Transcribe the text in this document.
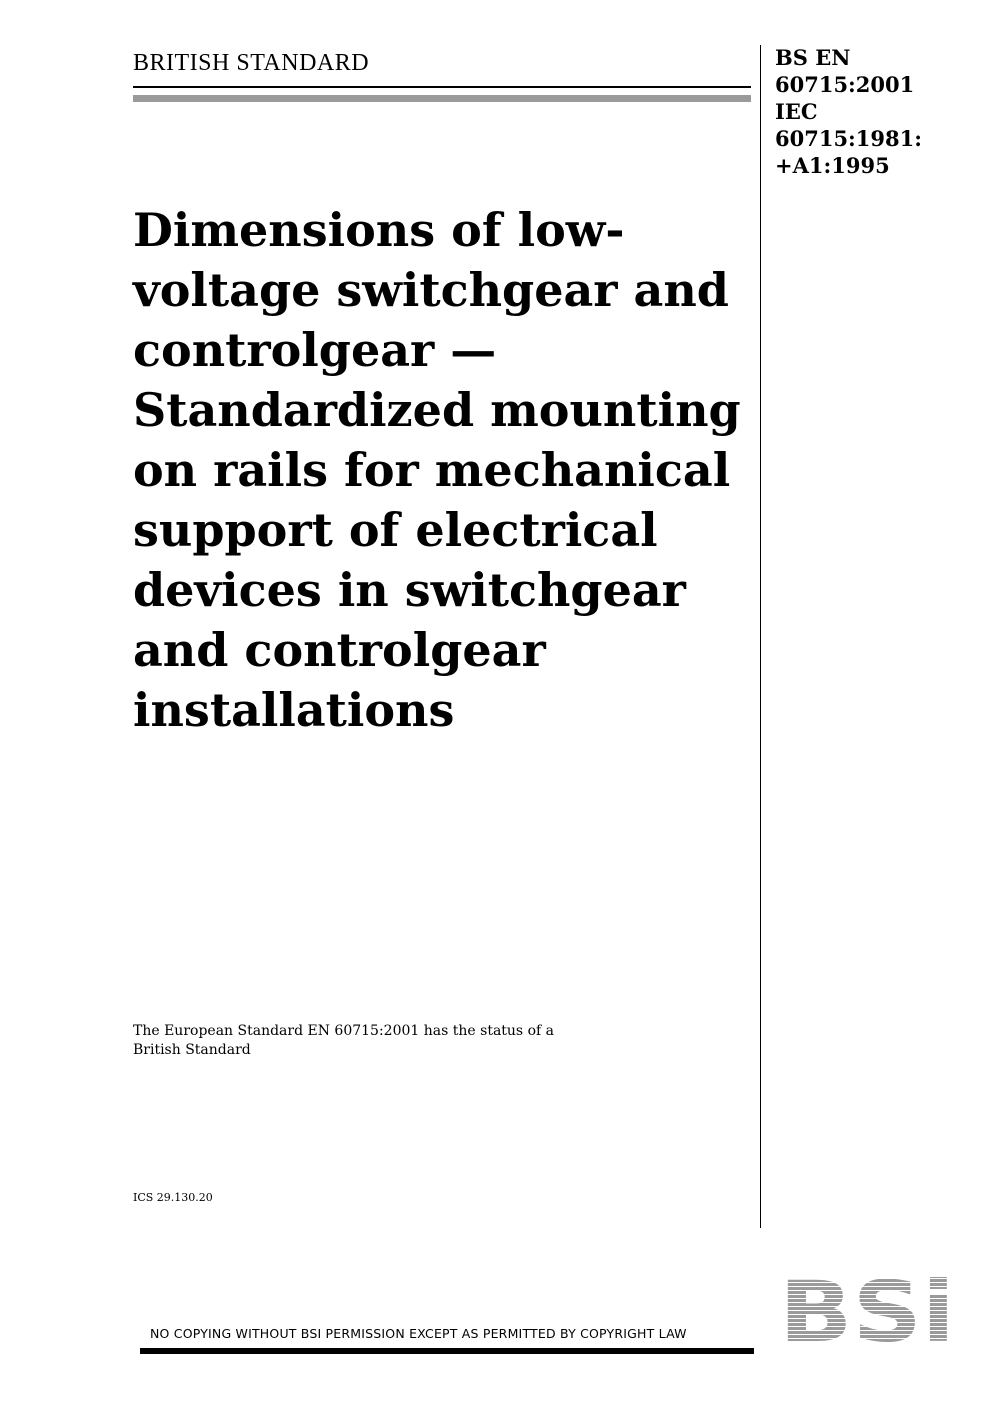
BRITISH STANDARD	BS EN
60715:2001
IEC
60715:1981:
+A1:1995
Dimensions of low-
voltage switchgear and
controlgear —
Standardized mounting
on rails for mechanical
support of electrical
devices in switchgear
and controlgear
installations
The European Standard EN 60715:2001 has the status of a
British Standard
ICS 29.130.20
BSi
NO COPYING WITHOUT BSI PERMISSION EXCEPT AS PERMITTED BY COPYRIGHT LAW
